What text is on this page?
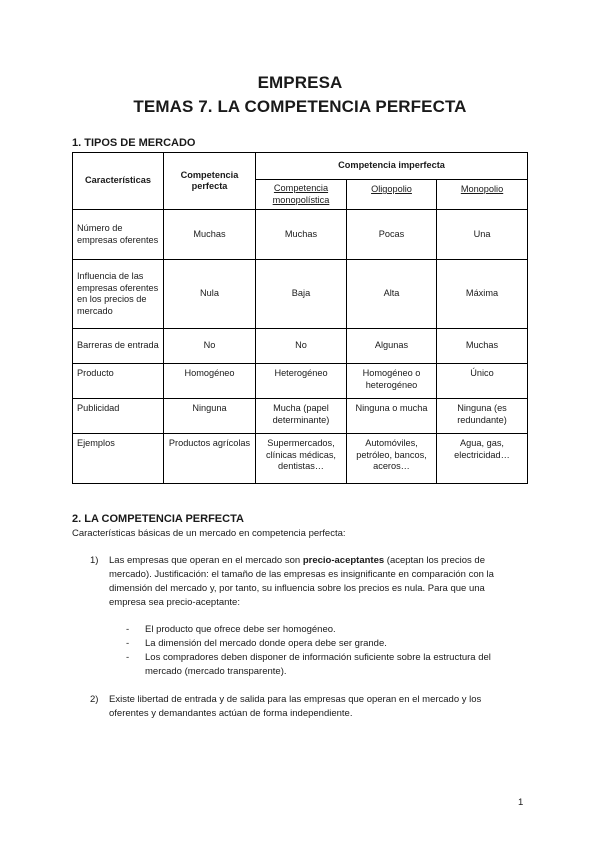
EMPRESA
TEMAS 7. LA COMPETENCIA PERFECTA
1. TIPOS DE MERCADO
Características	Competencia perfecta	Competencia imperfecta		
		Competencia monopolística	Oligopolio	Monopolio
Número de empresas oferentes	Muchas	Muchas	Pocas	Una
Influencia de las empresas oferentes en los precios de mercado	Nula	Baja	Alta	Máxima
Barreras de entrada	No	No	Algunas	Muchas
Producto	Homogéneo	Heterogéneo	Homogéneo o heterogéneo	Único
Publicidad	Ninguna	Mucha (papel determinante)	Ninguna o mucha	Ninguna (es redundante)
Ejemplos	Productos agrícolas	Supermercados, clínicas médicas, dentistas…	Automóviles, petróleo, bancos, aceros…	Agua, gas, electricidad…
2. LA COMPETENCIA PERFECTA
Características básicas de un mercado en competencia perfecta:
1) Las empresas que operan en el mercado son precio-aceptantes (aceptan los precios de mercado). Justificación: el tamaño de las empresas es insignificante en comparación con la dimensión del mercado y, por tanto, su influencia sobre los precios es nula. Para que una empresa sea precio-aceptante:
- El producto que ofrece debe ser homogéneo.
- La dimensión del mercado donde opera debe ser grande.
- Los compradores deben disponer de información suficiente sobre la estructura del mercado (mercado transparente).
2) Existe libertad de entrada y de salida para las empresas que operan en el mercado y los oferentes y demandantes actúan de forma independiente.
1
